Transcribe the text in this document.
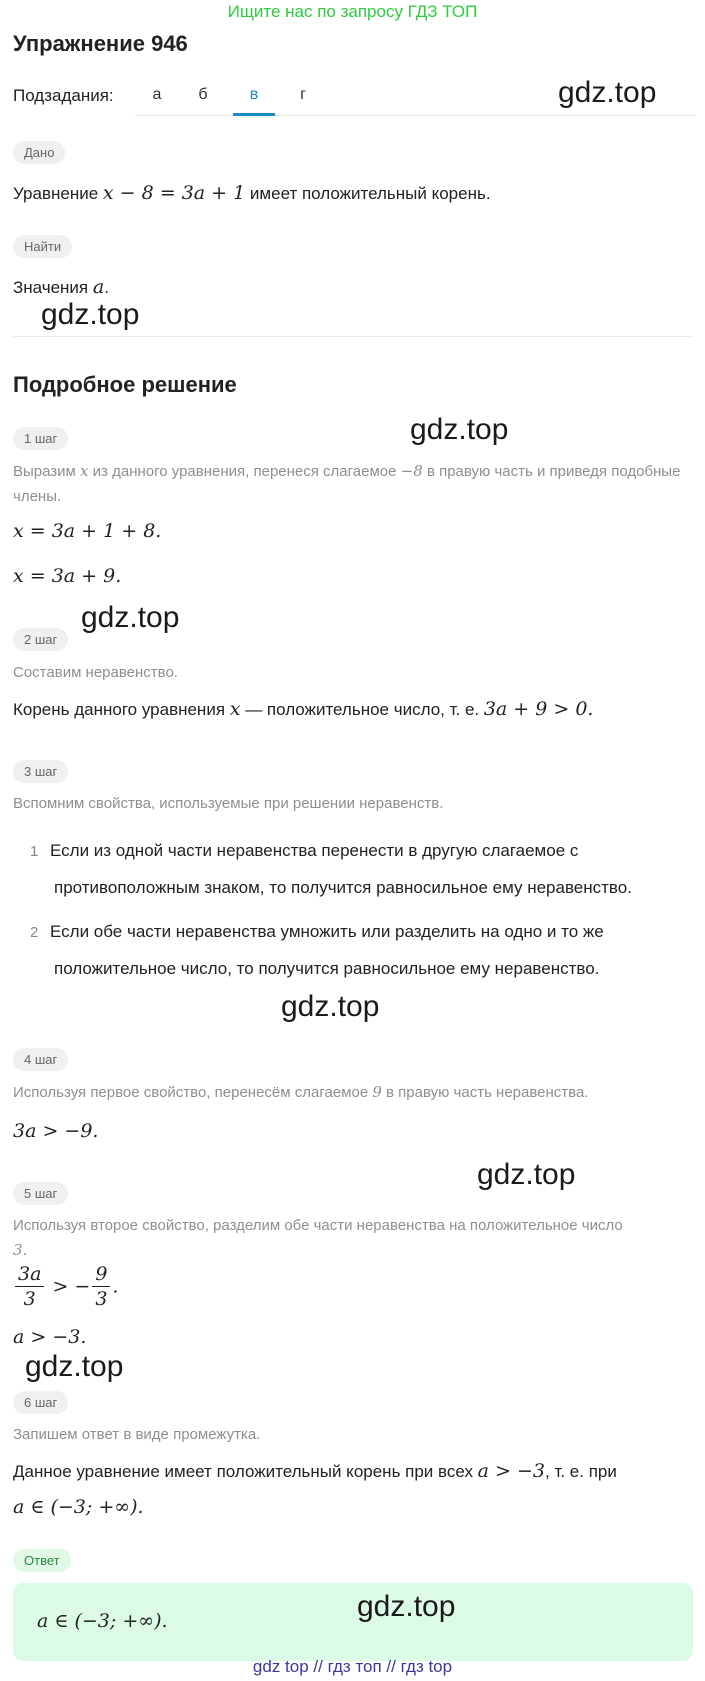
Ищите нас по запросу ГДЗ ТОП
Упражнение 946
Подзадания:	а	б	в	г
Дано
Уравнение x − 8 = 3a + 1 имеет положительный корень.
Найти
Значения a.
Подробное решение
1 шаг
Выразим x из данного уравнения, перенеся слагаемое −8 в правую часть и приведя подобные члены.
x = 3a + 1 + 8.
x = 3a + 9.
2 шаг
Составим неравенство.
Корень данного уравнения x — положительное число, т. е. 3a + 9 > 0.
3 шаг
Вспомним свойства, используемые при решении неравенств.
1 Если из одной части неравенства перенести в другую слагаемое с
противоположным знаком, то получится равносильное ему неравенство.
2 Если обе части неравенства умножить или разделить на одно и то же
положительное число, то получится равносильное ему неравенство.
4 шаг
Используя первое свойство, перенесём слагаемое 9 в правую часть неравенства.
3a > −9.
5 шаг
Используя второе свойство, разделим обе части неравенства на положительное число
3.
$\frac{3a}{3}$ > − $\frac{9}{3}$ .
a > −3.
6 шаг
Запишем ответ в виде промежутка.
Данное уравнение имеет положительный корень при всех a > −3, т. е. при
a ∈ (−3; +∞).
Ответ
a ∈ (−3; +∞).
gdz.top
gdz.top
gdz.top
gdz.top
gdz.top
gdz.top
gdz.top
gdz.top
gdz top // гдз топ // гдз top
